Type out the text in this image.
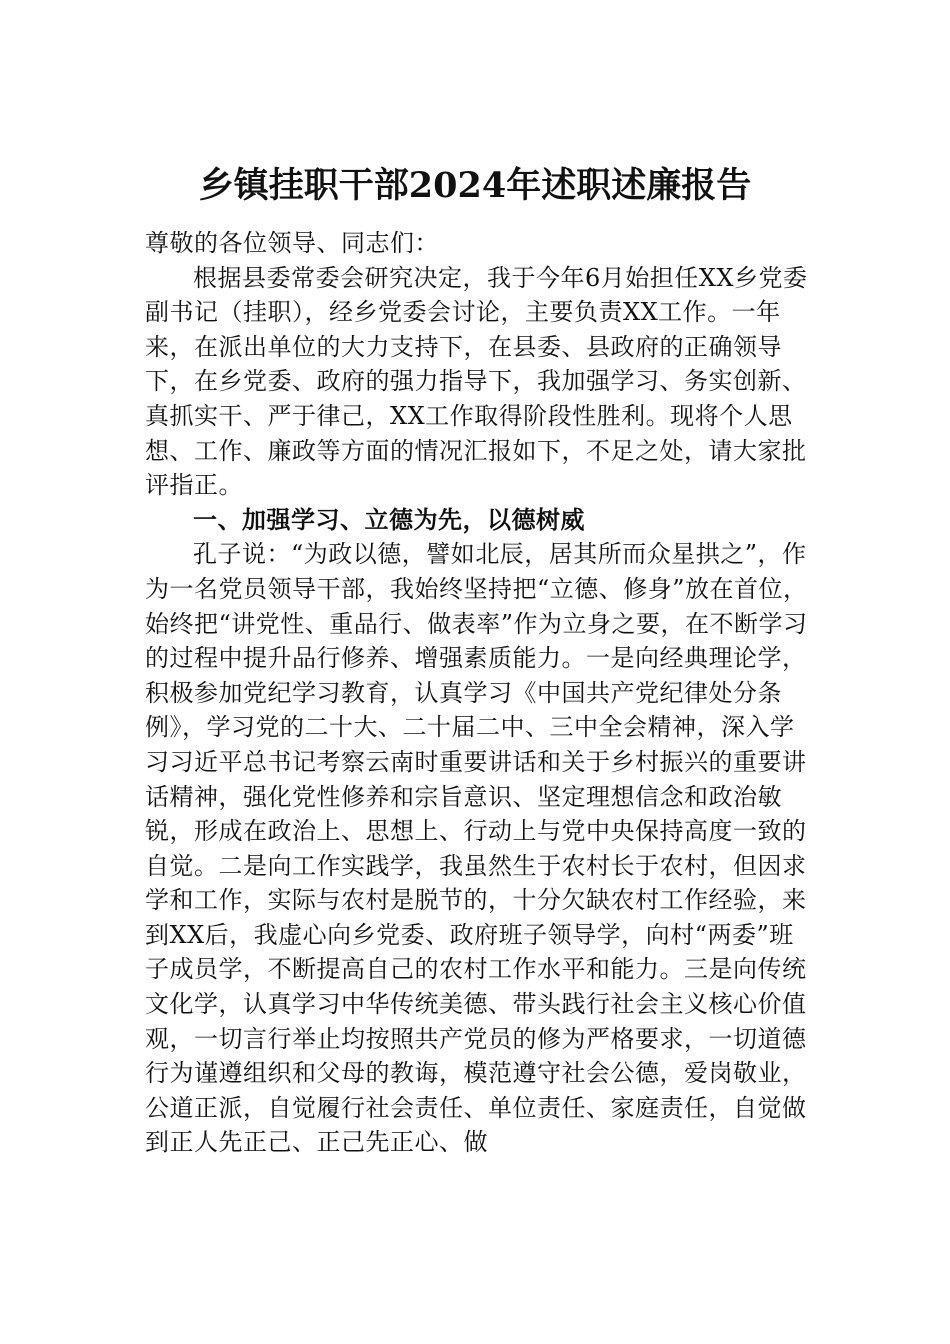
乡镇挂职干部2024年述职述廉报告

尊敬的各位领导、同志们：

根据县委常委会研究决定，我于今年6月始担任XX乡党委副书记（挂职），经乡党委会讨论，主要负责XX工作。一年来，在派出单位的大力支持下，在县委、县政府的正确领导下，在乡党委、政府的强力指导下，我加强学习、务实创新、真抓实干、严于律己，XX工作取得阶段性胜利。现将个人思想、工作、廉政等方面的情况汇报如下，不足之处，请大家批评指正。

一、加强学习、立德为先，以德树威

孔子说：“为政以德，譬如北辰，居其所而众星拱之”，作为一名党员领导干部，我始终坚持把“立德、修身”放在首位，始终把“讲党性、重品行、做表率”作为立身之要，在不断学习的过程中提升品行修养、增强素质能力。一是向经典理论学，积极参加党纪学习教育，认真学习《中国共产党纪律处分条例》，学习党的二十大、二十届二中、三中全会精神，深入学习习近平总书记考察云南时重要讲话和关于乡村振兴的重要讲话精神，强化党性修养和宗旨意识、坚定理想信念和政治敏锐，形成在政治上、思想上、行动上与党中央保持高度一致的自觉。二是向工作实践学，我虽然生于农村长于农村，但因求学和工作，实际与农村是脱节的，十分欠缺农村工作经验，来到XX后，我虚心向乡党委、政府班子领导学，向村“两委”班子成员学，不断提高自己的农村工作水平和能力。三是向传统文化学，认真学习中华传统美德、带头践行社会主义核心价值观，一切言行举止均按照共产党员的修为严格要求，一切道德行为谨遵组织和父母的教诲，模范遵守社会公德，爱岗敬业，公道正派，自觉履行社会责任、单位责任、家庭责任，自觉做到正人先正己、正己先正心、做
